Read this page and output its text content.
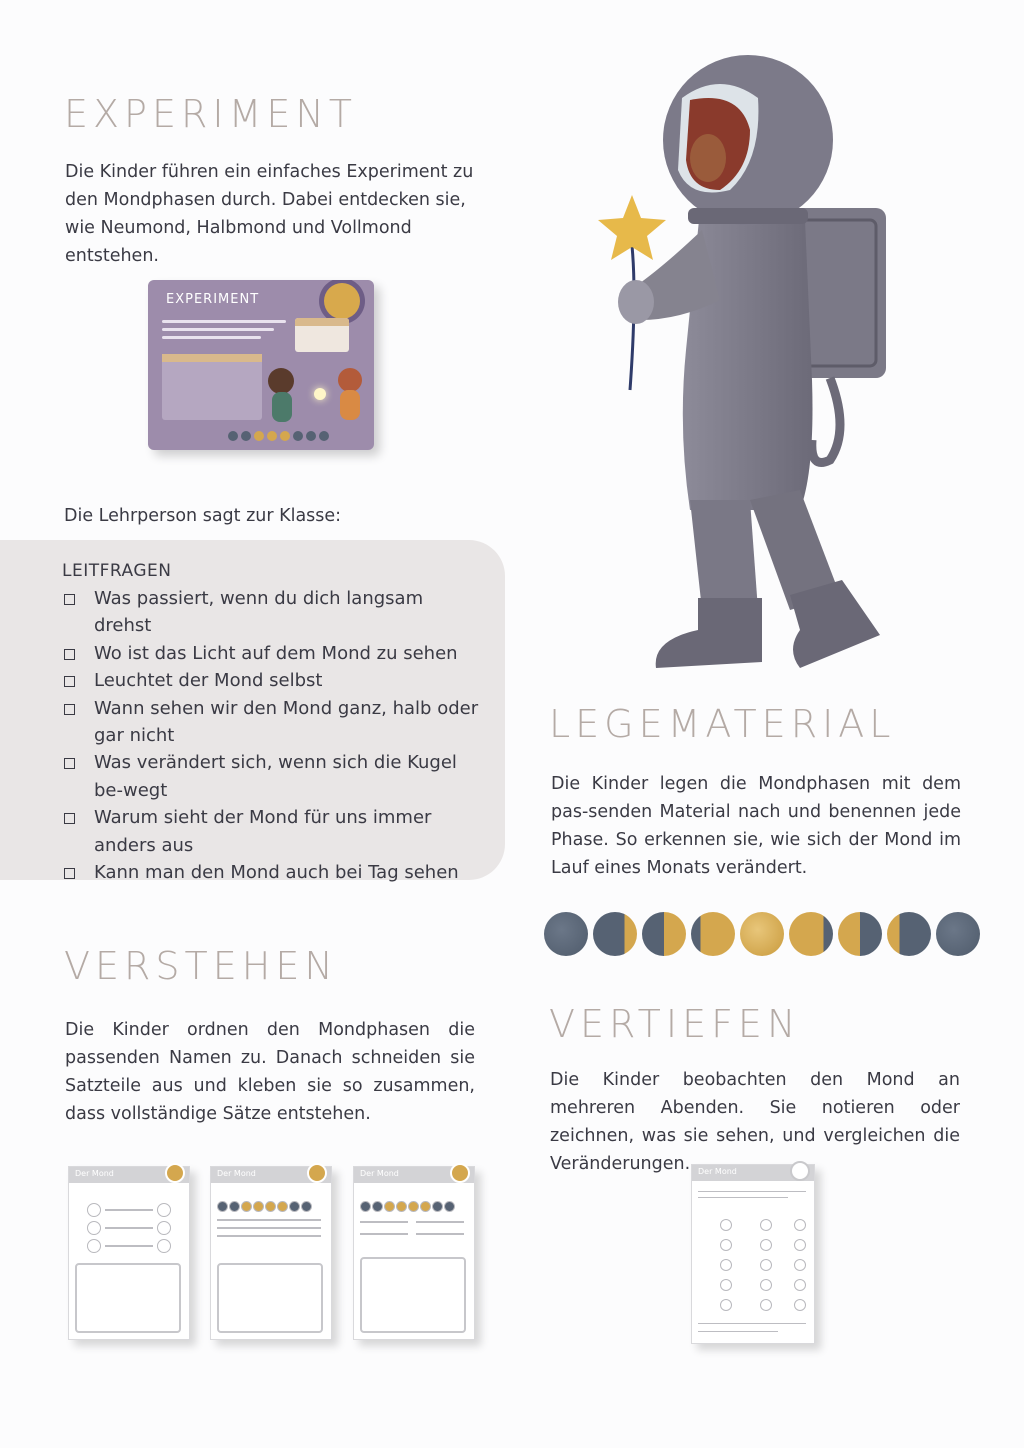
EXPERIMENT

Die Kinder führen ein einfaches Experiment zu den Mondphasen durch. Dabei entdecken sie, wie Neumond, Halbmond und Vollmond entstehen.

EXPERIMENT

Die Lehrperson sagt zur Klasse:

LEITFRAGEN

Was passiert, wenn du dich langsam drehst
Wo ist das Licht auf dem Mond zu sehen
Leuchtet der Mond selbst
Wann sehen wir den Mond ganz, halb oder gar nicht
Was verändert sich, wenn sich die Kugel be-wegt
Warum sieht der Mond für uns immer anders aus
Kann man den Mond auch bei Tag sehen
LEGEMATERIAL

Die Kinder legen die Mondphasen mit dem pas-senden Material nach und benennen jede Phase. So erkennen sie, wie sich der Mond im Lauf eines Monats verändert.

VERSTEHEN

Die Kinder ordnen den Mondphasen die passenden Namen zu. Danach schneiden sie Satzteile aus und kleben sie so zusammen, dass vollständige Sätze entstehen.

Der Mond	Der Mond	Der Mond
VERTIEFEN

Die Kinder beobachten den Mond an mehreren Abenden. Sie notieren oder zeichnen, was sie sehen, und vergleichen die Veränderungen. Der Mond
